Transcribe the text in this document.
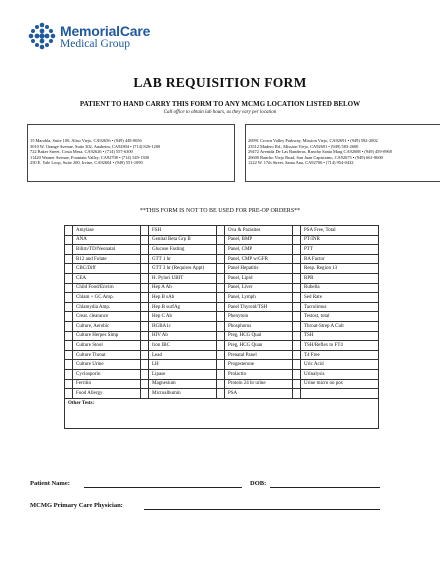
MemorialCare
Medical Group
LAB REQUISITION FORM
PATIENT TO HAND CARRY THIS FORM TO ANY MCMG LOCATION LISTED BELOW
Call office to obtain lab hours, as they vary per location
15 Marobla, Suite 100, Aliso Viejo, CA92656 • (949) 448-0656
3010 W. Orange Avenue, Suite 302, Anaheim, CA92804 • (714) 826-1200
722 Baker Street, Costa Mesa, CA92626 • (714) 557-6300
11420 Warner Avenue, Fountain Valley, CA92708 • (714) 549-1300
250 E. Yale Loop, Suite 200, Irvine, CA92604 • (949) 551-1090
26991 Crown Valley Parkway, Mission Viejo, CA92691 • (949) 582-2002
23512 Madero Rd., Mission Viejo, CA92691 • (949) 583-2600
29472 Avenida De Las Banderas, Rancho Santa Marg CA92688 • (949) 459-0968
26600 Rancho Viejo Road, San Juan Capistrano, CA92675 • (949) 661-8600
1222 W. 17th Street, Santa Ana, CA92706 • (714) 954-0432
**THIS FORM IS NOT TO BE USED FOR PRE-OP ORDERS**
	Amylase		FSH		Ova & Parasites		PSA Free, Total
	ANA		Genital Beta Grp B		Panel, BMP		PT/INR
	Bilirn/TD/Neonatal		Glucose Fasting		Panel, CMP		PTT
	B12 and Folate		GTT 1 hr		Panel, CMP w/GFR		RA Factor
	CBC/Diff		GTT 3 hr (Requires Appt)		Panel Hepatitis		Resp. Region 13
	CEA		H. Pylori UBIT		Panel, Lipid		RPR
	Child Food/Envirn		Hep A Ab		Panel, Liver		Rubella
	Chlam + GC Amp.		Hep B sAb		Panel, Lymph		Sed Rate
	Chlamydia Amp.		Hep B surfAg		Panel Thyroid/TSH		Tacrolimus
	Creat. clearance		Hep C Ab		Phenytoin		Testost, total
	Culture, Aerobic		HGBA1c		Phosphorus		Throat-Strep A Cult
	Culture Herpes Simp		HIV Ab		Preg, HCG Qual		TSH
	Culture Stool		Iron IBC		Preg, HCG Quan		TSH/Reflex to FT4
	Culture Throat		Lead		Prenatal Panel		T4 Free
	Culture Urine		LH		Progesterone		Uric Acid
	Cyclosporin		Lipase		Prolactin		Urinalysis
	Ferritin		Magnesium		Protein 24 hr urine		Urine micro on pos
	Food Allergy		Microalbumin		PSA		
Other Tests:							
Patient Name:	DOB:
MCMG Primary Care Physician:
